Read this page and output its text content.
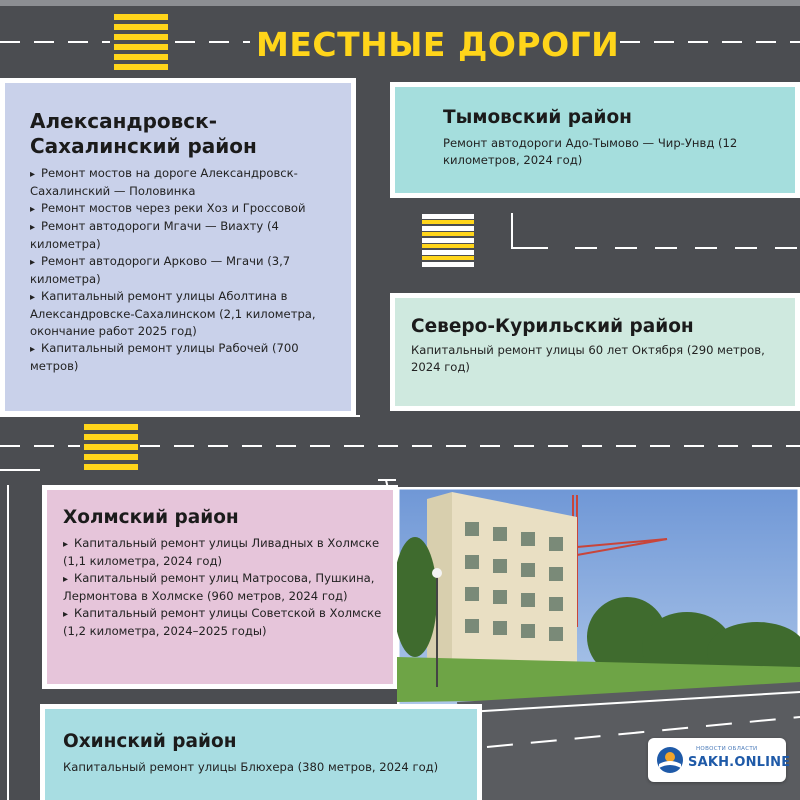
МЕСТНЫЕ ДОРОГИ
Александровск-Сахалинский район
▸ Ремонт мостов на дороге Александровск-Сахалинский — Половинка
▸ Ремонт мостов через реки Хоз и Гроссовой
▸ Ремонт автодороги Мгачи — Виахту (4 километра)
▸ Ремонт автодороги Арково — Мгачи (3,7 километра)
▸ Капитальный ремонт улицы Аболтина в Александровске-Сахалинском (2,1 километра, окончание работ 2025 год)
▸ Капитальный ремонт улицы Рабочей (700 метров)
Тымовский район
Ремонт автодороги Адо-Тымово — Чир-Унвд (12 километров, 2024 год)
Северо-Курильский район
Капитальный ремонт улицы 60 лет Октября (290 метров, 2024 год)
Холмский район
▸ Капитальный ремонт улицы Ливадных в Холмске (1,1 километра, 2024 год)
▸ Капитальный ремонт улиц Матросова, Пушкина, Лермонтова в Холмске (960 метров, 2024 год)
▸ Капитальный ремонт улицы Советской в Холмске (1,2 километра, 2024–2025 годы)
Охинский район
Капитальный ремонт улицы Блюхера (380 метров, 2024 год)
НОВОСТИ ОБЛАСТИ
SAKH.ONLINE
